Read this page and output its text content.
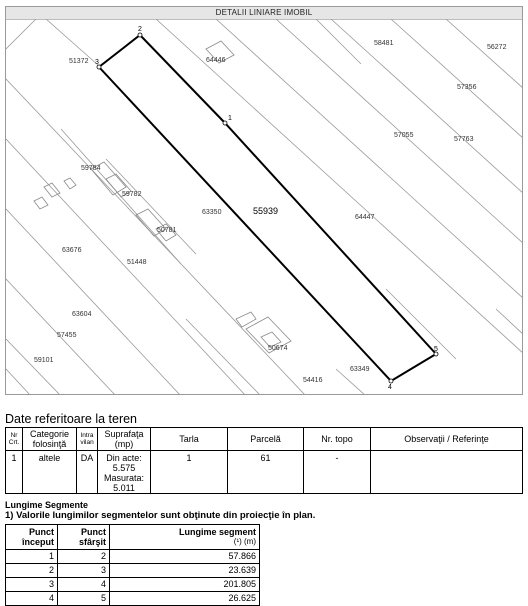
DETALII LINIARE IMOBIL
1
2
3
4
5
55939
58481
56272
57356
64446
51372
57055
57763
59784
59782
63350
64447
50781
51448
63676
63604
57455
59101
50674
63349
54416
Date referitoare la teren
Nr Crt.	Categorie folosinţă	Intra vilan	Suprafaţa (mp)	Tarla	Parcelă	Nr. topo	Observaţii / Referinţe
1	altele	DA	Din acte:
5.575
Masurata:
5.011	1	61	-	
Lungime Segmente
1) Valorile lungimilor segmentelor sunt obţinute din proiecţie în plan.
Punct început	Punct sfârşit	Lungime segment
(¹) (m)

1	2	57.866
2	3	23.639
3	4	201.805
4	5	26.625
